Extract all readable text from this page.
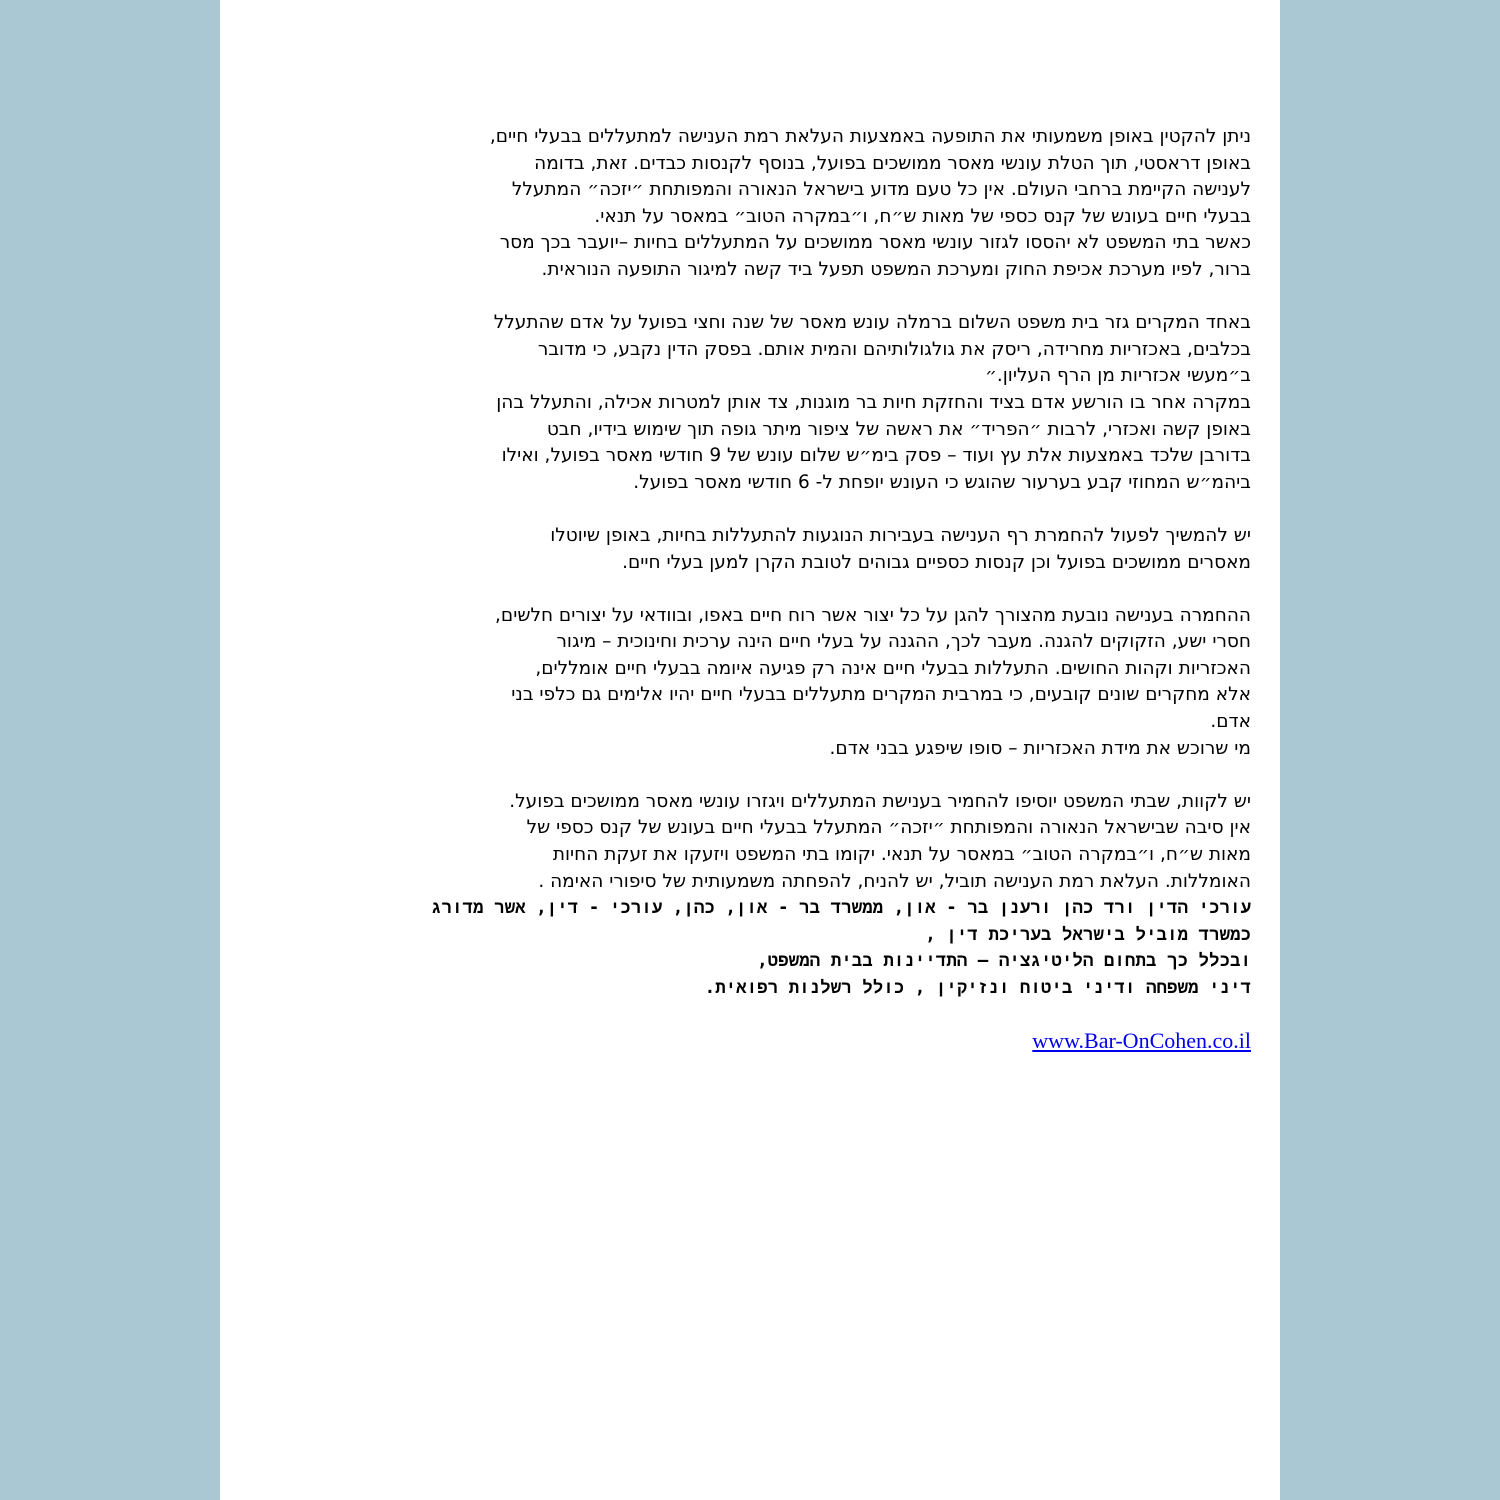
ניתן להקטין באופן משמעותי את התופעה באמצעות העלאת רמת הענישה למתעללים בבעלי חיים,
באופן דראסטי, תוך הטלת עונשי מאסר ממושכים בפועל, בנוסף לקנסות כבדים. זאת, בדומה
לענישה הקיימת ברחבי העולם. אין כל טעם מדוע בישראל הנאורה והמפותחת ״יזכה״ המתעלל
בבעלי חיים בעונש של קנס כספי של מאות ש״ח, ו״במקרה הטוב״ במאסר על תנאי.
כאשר בתי המשפט לא יהססו לגזור עונשי מאסר ממושכים על המתעללים בחיות –יועבר בכך מסר
ברור, לפיו מערכת אכיפת החוק ומערכת המשפט תפעל ביד קשה למיגור התופעה הנוראית.
באחד המקרים גזר בית משפט השלום ברמלה עונש מאסר של שנה וחצי בפועל על אדם שהתעלל
בכלבים, באכזריות מחרידה, ריסק את גולגולותיהם והמית אותם. בפסק הדין נקבע, כי מדובר
ב״מעשי אכזריות מן הרף העליון.״
במקרה אחר בו הורשע אדם בציד והחזקת חיות בר מוגנות, צד אותן למטרות אכילה, והתעלל בהן
באופן קשה ואכזרי, לרבות ״הפריד״ את ראשה של ציפור מיתר גופה תוך שימוש בידיו, חבט
בדורבן שלכד באמצעות אלת עץ ועוד – פסק בימ״ש שלום עונש של 9 חודשי מאסר בפועל, ואילו
ביהמ״ש המחוזי קבע בערעור שהוגש כי העונש יופחת ל- 6 חודשי מאסר בפועל.
יש להמשיך לפעול להחמרת רף הענישה בעבירות הנוגעות להתעללות בחיות, באופן שיוטלו
מאסרים ממושכים בפועל וכן קנסות כספיים גבוהים לטובת הקרן למען בעלי חיים.
ההחמרה בענישה נובעת מהצורך להגן על כל יצור אשר רוח חיים באפו, ובוודאי על יצורים חלשים,
חסרי ישע, הזקוקים להגנה. מעבר לכך, ההגנה על בעלי חיים הינה ערכית וחינוכית – מיגור
האכזריות וקהות החושים. התעללות בבעלי חיים אינה רק פגיעה איומה בבעלי חיים אומללים,
אלא מחקרים שונים קובעים, כי במרבית המקרים מתעללים בבעלי חיים יהיו אלימים גם כלפי בני
אדם.
מי שרוכש את מידת האכזריות – סופו שיפגע בבני אדם.
יש לקוות, שבתי המשפט יוסיפו להחמיר בענישת המתעללים ויגזרו עונשי מאסר ממושכים בפועל.
אין סיבה שבישראל הנאורה והמפותחת ״יזכה״ המתעלל בבעלי חיים בעונש של קנס כספי של
מאות ש״ח, ו״במקרה הטוב״ במאסר על תנאי. יקומו בתי המשפט ויזעקו את זעקת החיות
האומללות. העלאת רמת הענישה תוביל, יש להניח, להפחתה משמעותית של סיפורי האימה .
עורכי הדין ורד כהן ורענן בר - און, ממשרד בר - און, כהן, עורכי - דין, אשר מדורג
כמשרד מוביל בישראל בעריכת דין ,
ובכלל כך בתחום הליטיגציה – התדיינות בבית המשפט,
דיני משפחה ודיני ביטוח ונזיקין , כולל רשלנות רפואית.
www.Bar-OnCohen.co.il
